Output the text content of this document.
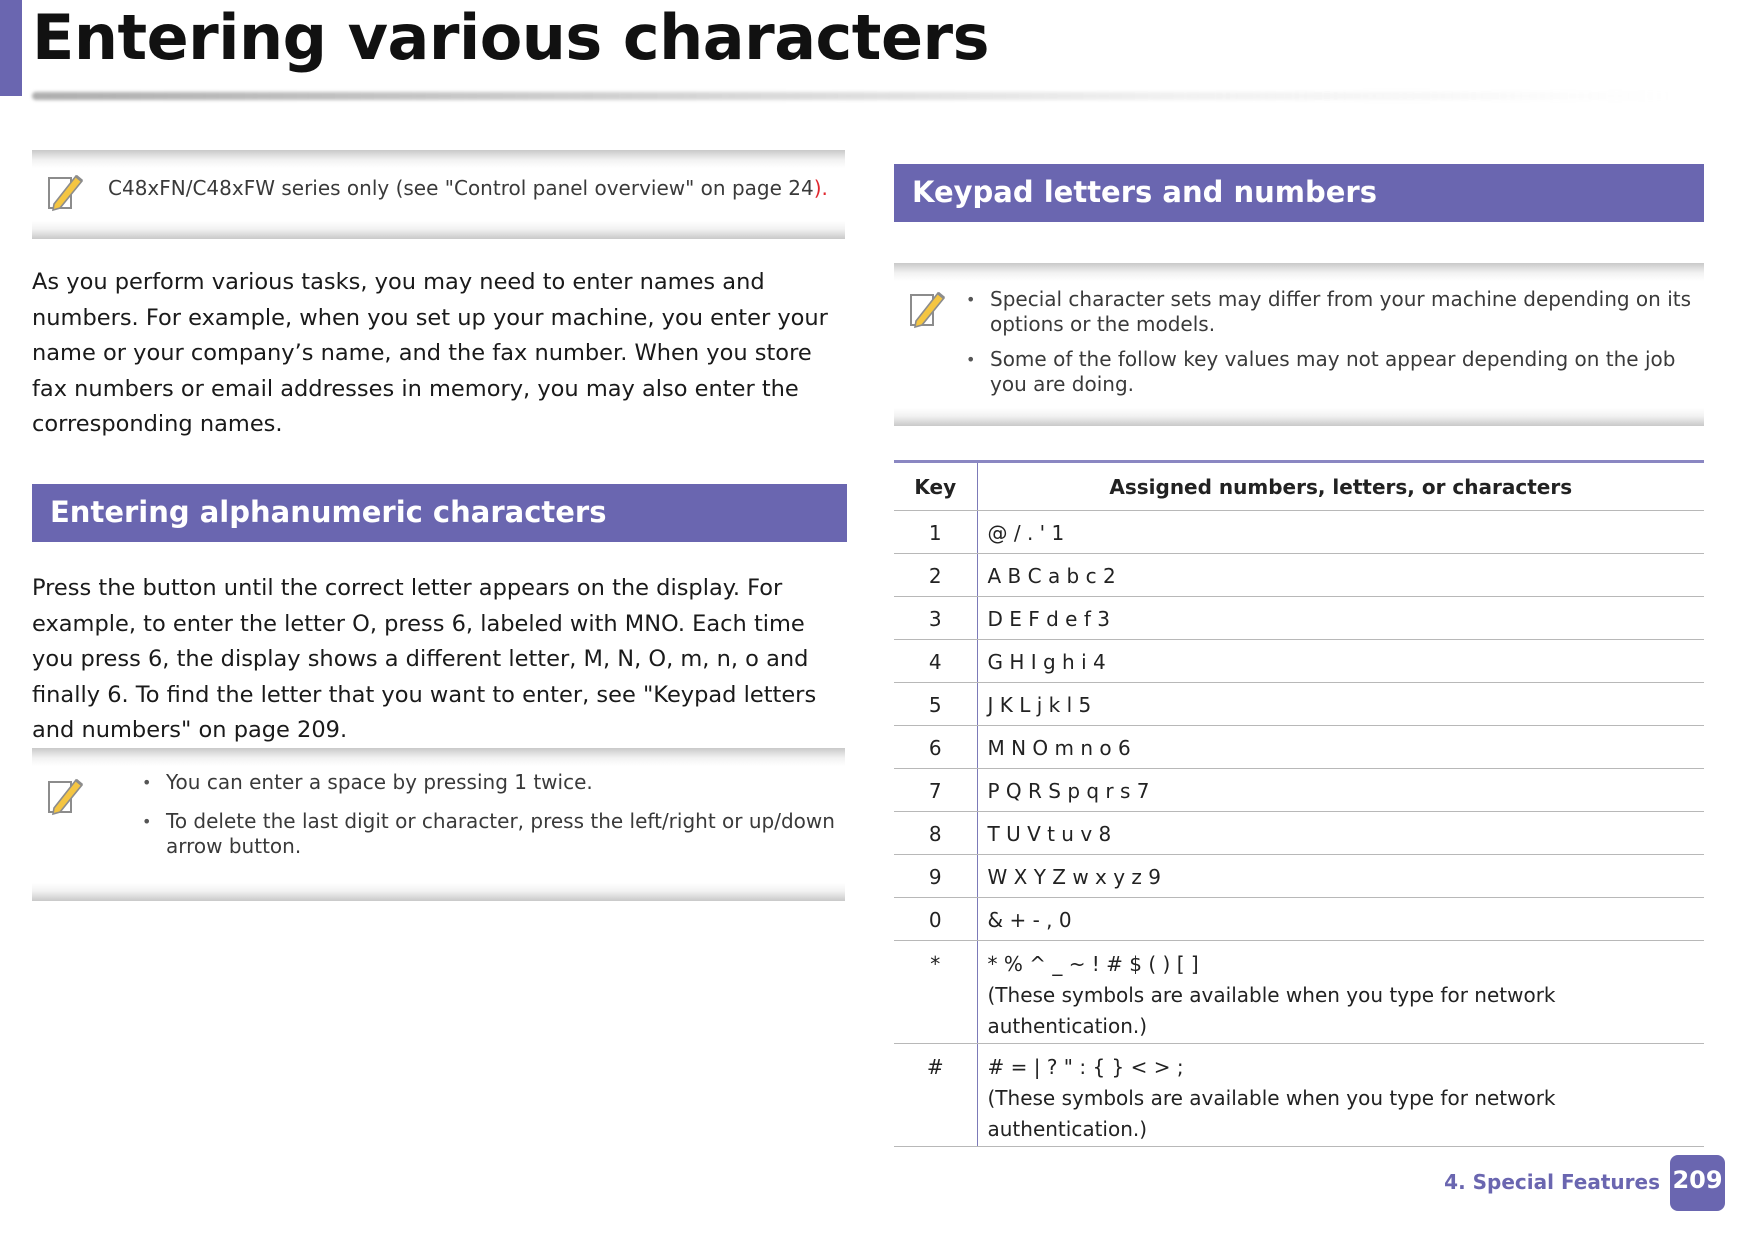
Entering various characters
C48xFN/C48xFW series only (see "Control panel overview" on page 24).
As you perform various tasks, you may need to enter names and numbers. For example, when you set up your machine, you enter your name or your company’s name, and the fax number. When you store fax numbers or email addresses in memory, you may also enter the corresponding names.
Entering alphanumeric characters
Press the button until the correct letter appears on the display. For example, to enter the letter O, press 6, labeled with MNO. Each time you press 6, the display shows a different letter, M, N, O, m, n, o and finally 6. To find the letter that you want to enter, see "Keypad letters and numbers" on page 209.
• You can enter a space by pressing 1 twice.
• To delete the last digit or character, press the left/right or up/down arrow button.
Keypad letters and numbers
• Special character sets may differ from your machine depending on its options or the models.
• Some of the follow key values may not appear depending on the job you are doing.
Key	Assigned numbers, letters, or characters
1	@ / . ' 1
2	A B C a b c 2
3	D E F d e f 3
4	G H I g h i 4
5	J K L j k l 5
6	M N O m n o 6
7	P Q R S p q r s 7
8	T U V t u v 8
9	W X Y Z w x y z 9
0	& + - , 0
*	* % ^ _ ~ ! # $ ( ) [ ]
(These symbols are available when you type for network authentication.)

#	# = | ? " : { } < > ;
(These symbols are available when you type for network authentication.)
4. Special Features 209
